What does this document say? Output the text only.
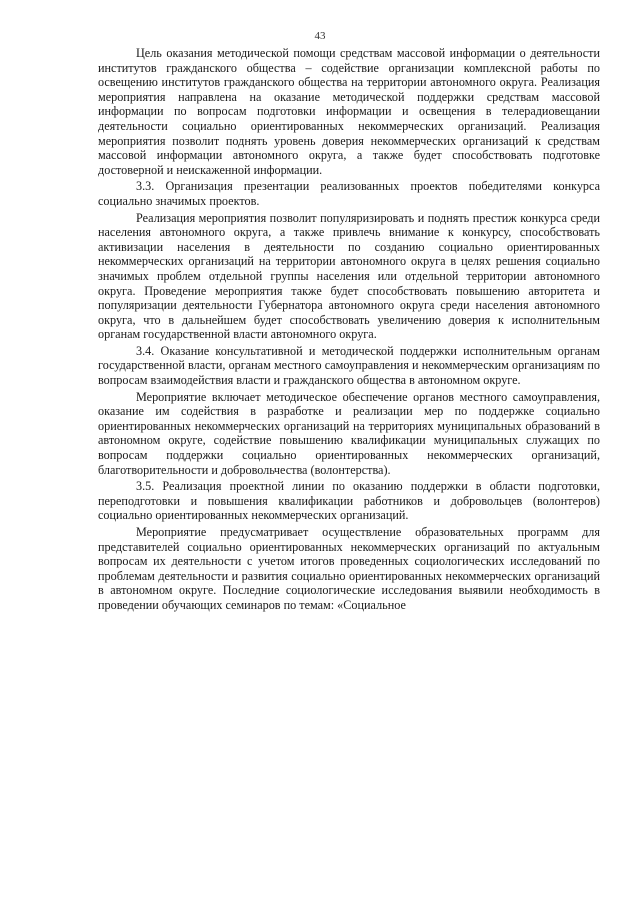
43

Цель оказания методической помощи средствам массовой информации о деятельности институтов гражданского общества – содействие организации комплексной работы по освещению институтов гражданского общества на территории автономного округа. Реализация мероприятия направлена на оказание методической поддержки средствам массовой информации по вопросам подготовки информации и освещения в телерадиовещании деятельности социально ориентированных некоммерческих организаций. Реализация мероприятия позволит поднять уровень доверия некоммерческих организаций к средствам массовой информации автономного округа, а также будет способствовать подготовке достоверной и неискаженной информации.

3.3. Организация презентации реализованных проектов победителями конкурса социально значимых проектов.

Реализация мероприятия позволит популяризировать и поднять престиж конкурса среди населения автономного округа, а также привлечь внимание к конкурсу, способствовать активизации населения в деятельности по созданию социально ориентированных некоммерческих организаций на территории автономного округа в целях решения социально значимых проблем отдельной группы населения или отдельной территории автономного округа. Проведение мероприятия также будет способствовать повышению авторитета и популяризации деятельности Губернатора автономного округа среди населения автономного округа, что в дальнейшем будет способствовать увеличению доверия к исполнительным органам государственной власти автономного округа.

3.4. Оказание консультативной и методической поддержки исполнительным органам государственной власти, органам местного самоуправления и некоммерческим организациям по вопросам взаимодействия власти и гражданского общества в автономном округе.

Мероприятие включает методическое обеспечение органов местного самоуправления, оказание им содействия в разработке и реализации мер по поддержке социально ориентированных некоммерческих организаций на территориях муниципальных образований в автономном округе, содействие повышению квалификации муниципальных служащих по вопросам поддержки социально ориентированных некоммерческих организаций, благотворительности и добровольчества (волонтерства).

3.5. Реализация проектной линии по оказанию поддержки в области подготовки, переподготовки и повышения квалификации работников и добровольцев (волонтеров) социально ориентированных некоммерческих организаций.

Мероприятие предусматривает осуществление образовательных программ для представителей социально ориентированных некоммерческих организаций по актуальным вопросам их деятельности с учетом итогов проведенных социологических исследований по проблемам деятельности и развития социально ориентированных некоммерческих организаций в автономном округе. Последние социологические исследования выявили необходимость в проведении обучающих семинаров по темам: «Социальное
